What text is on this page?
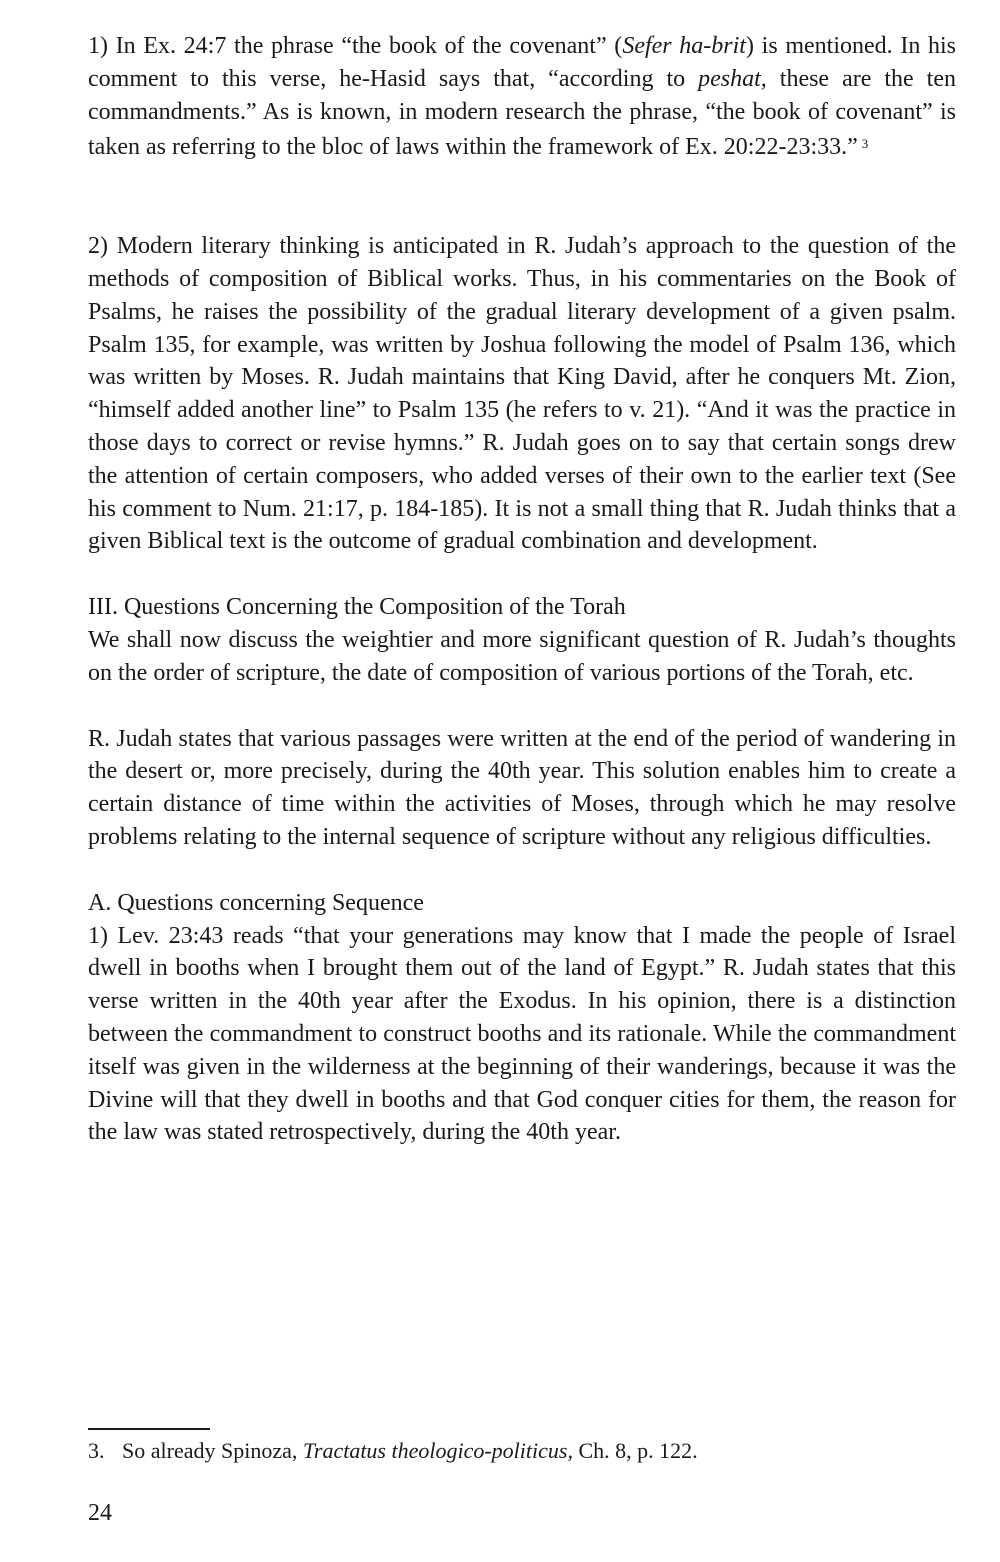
1) In Ex. 24:7 the phrase “the book of the covenant” (Sefer ha-brit) is mentioned. In his comment to this verse, he-Hasid says that, “according to peshat, these are the ten commandments.” As is known, in modern research the phrase, “the book of covenant” is taken as referring to the bloc of laws within the framework of Ex. 20:22-23:33.” $^3$

2) Modern literary thinking is anticipated in R. Judah’s approach to the question of the methods of composition of Biblical works. Thus, in his commentaries on the Book of Psalms, he raises the possibility of the gradual literary development of a given psalm. Psalm 135, for example, was written by Joshua following the model of Psalm 136, which was written by Moses. R. Judah maintains that King David, after he conquers Mt. Zion, “himself added another line” to Psalm 135 (he refers to v. 21). “And it was the practice in those days to correct or revise hymns.” R. Judah goes on to say that certain songs drew the attention of certain composers, who added verses of their own to the earlier text (See his comment to Num. 21:17, p. 184-185). It is not a small thing that R. Judah thinks that a given Biblical text is the outcome of gradual combination and development.

III. Questions Concerning the Composition of the Torah

We shall now discuss the weightier and more significant question of R. Judah’s thoughts on the order of scripture, the date of composition of various portions of the Torah, etc.

R. Judah states that various passages were written at the end of the period of wandering in the desert or, more precisely, during the 40th year. This solution enables him to create a certain distance of time within the activities of Moses, through which he may resolve problems relating to the internal sequence of scripture without any religious difficulties.

A. Questions concerning Sequence

1) Lev. 23:43 reads “that your generations may know that I made the people of Israel dwell in booths when I brought them out of the land of Egypt.” R. Judah states that this verse written in the 40th year after the Exodus. In his opinion, there is a distinction between the commandment to construct booths and its rationale. While the commandment itself was given in the wilderness at the beginning of their wanderings, because it was the Divine will that they dwell in booths and that God conquer cities for them, the reason for the law was stated retrospectively, during the 40th year.

3. So already Spinoza, Tractatus theologico-politicus, Ch. 8, p. 122.
24
